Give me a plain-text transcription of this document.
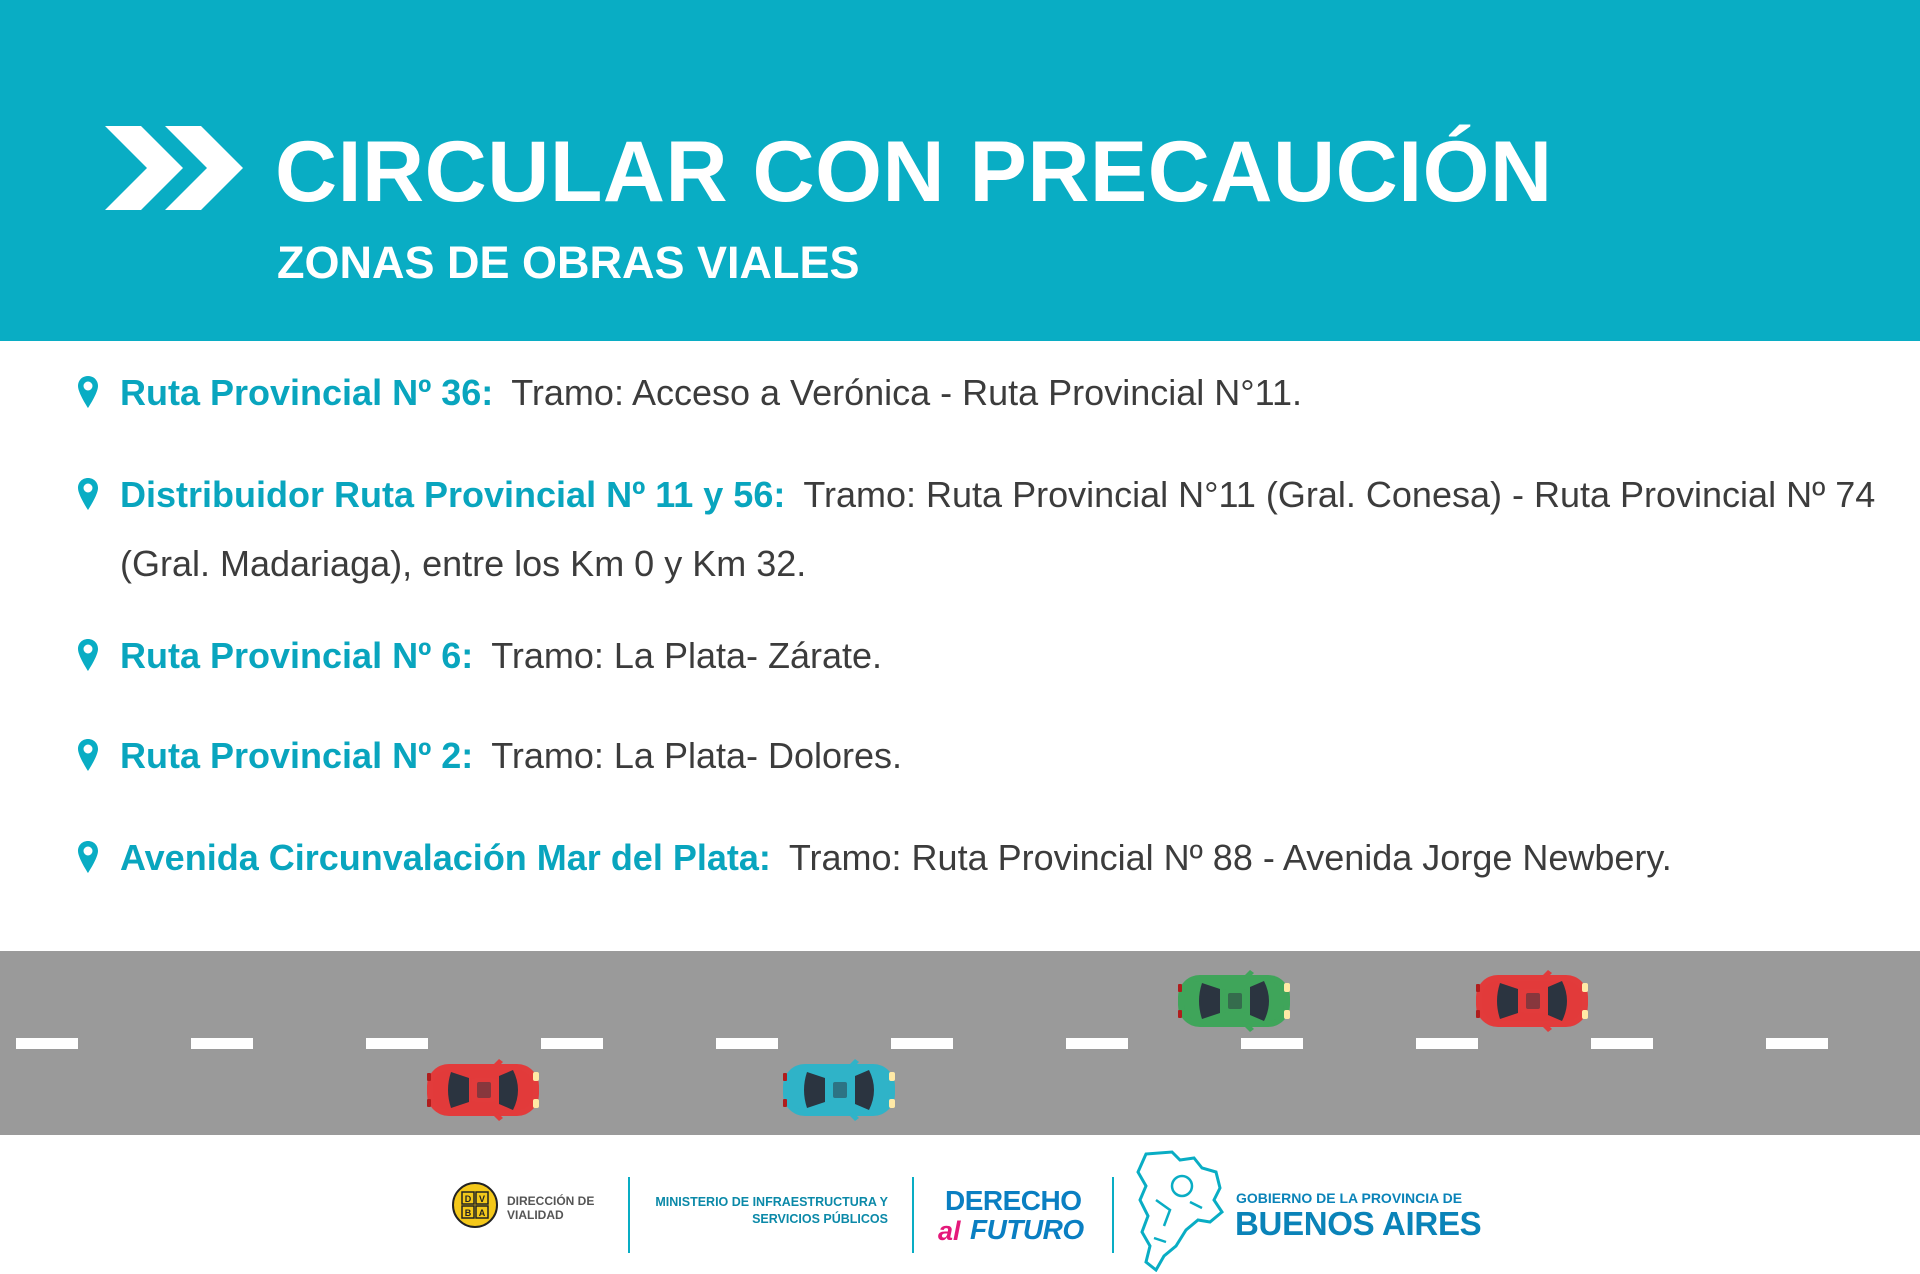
CIRCULAR CON PRECAUCIÓN
ZONAS DE OBRAS VIALES
Ruta Provincial Nº 36: Tramo: Acceso a Verónica - Ruta Provincial N°11.
Distribuidor Ruta Provincial Nº 11 y 56: Tramo: Ruta Provincial N°11 (Gral. Conesa) - Ruta Provincial Nº 74 (Gral. Madariaga), entre los Km 0 y Km 32.
Ruta Provincial Nº 6: Tramo: La Plata- Zárate.
Ruta Provincial Nº 2: Tramo: La Plata- Dolores.
Avenida Circunvalación Mar del Plata: Tramo: Ruta Provincial Nº 88 - Avenida Jorge Newbery.
D V
B A
DIRECCIÓN DE
VIALIDAD
MINISTERIO DE INFRAESTRUCTURA Y SERVICIOS PÚBLICOS
DERECHO
al FUTURO
GOBIERNO DE LA PROVINCIA DE
BUENOS AIRES
